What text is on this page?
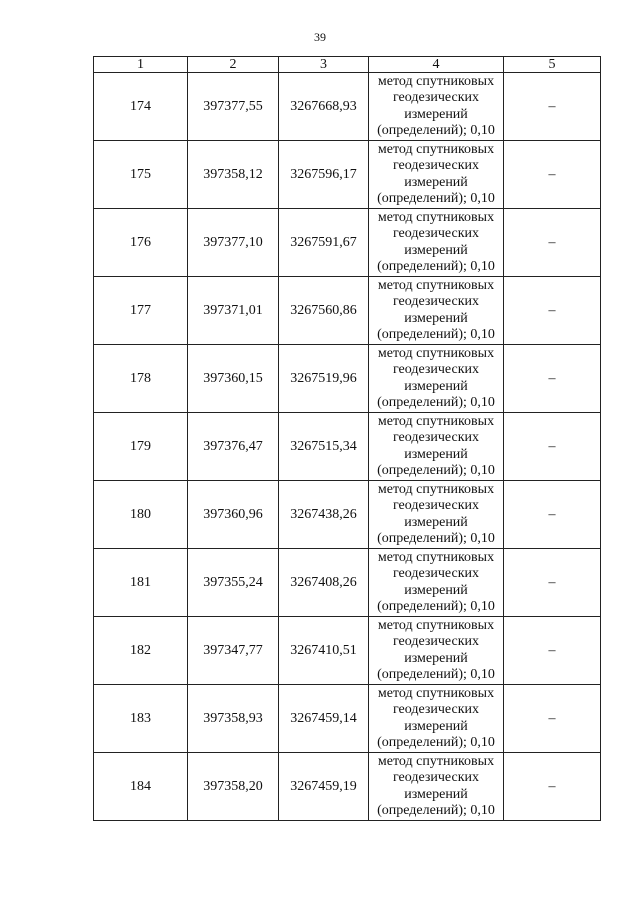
39
1	2	3	4	5
174	397377,55	3267668,93	метод спутниковых
геодезических
измерений
(определений); 0,10	–
175	397358,12	3267596,17	метод спутниковых
геодезических
измерений
(определений); 0,10	–
176	397377,10	3267591,67	метод спутниковых
геодезических
измерений
(определений); 0,10	–
177	397371,01	3267560,86	метод спутниковых
геодезических
измерений
(определений); 0,10	–
178	397360,15	3267519,96	метод спутниковых
геодезических
измерений
(определений); 0,10	–
179	397376,47	3267515,34	метод спутниковых
геодезических
измерений
(определений); 0,10	–
180	397360,96	3267438,26	метод спутниковых
геодезических
измерений
(определений); 0,10	–
181	397355,24	3267408,26	метод спутниковых
геодезических
измерений
(определений); 0,10	–
182	397347,77	3267410,51	метод спутниковых
геодезических
измерений
(определений); 0,10	–
183	397358,93	3267459,14	метод спутниковых
геодезических
измерений
(определений); 0,10	–
184	397358,20	3267459,19	метод спутниковых
геодезических
измерений
(определений); 0,10	–
